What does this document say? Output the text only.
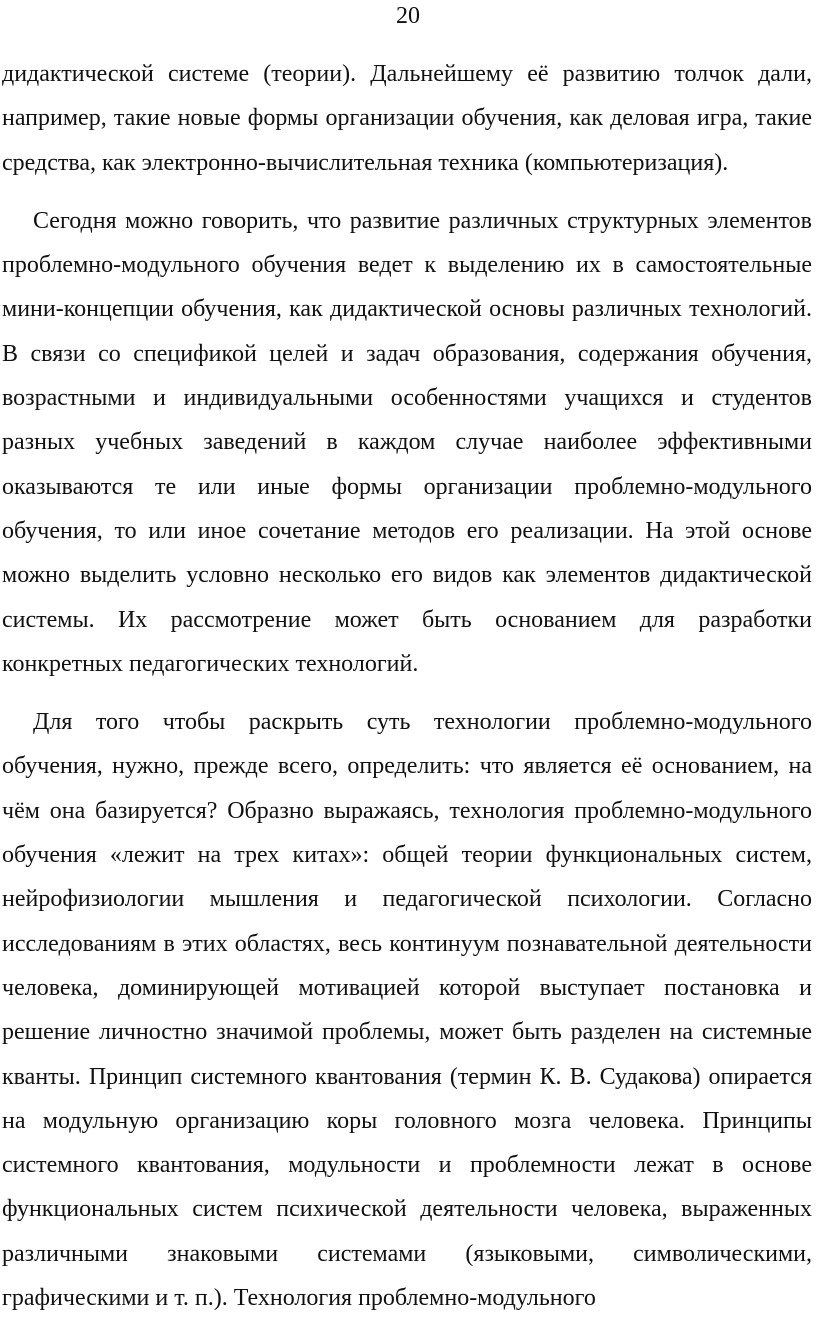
20

дидактической системе (теории). Дальнейшему её развитию толчок дали, например, такие новые формы организации обучения, как деловая игра, такие средства, как электронно-вычислительная техника (компьютеризация).

Сегодня можно говорить, что развитие различных структурных элементов проблемно-модульного обучения ведет к выделению их в самостоятельные мини-концепции обучения, как дидактической основы различных технологий. В связи со спецификой целей и задач образования, содержания обучения, возрастными и индивидуальными особенностями учащихся и студентов разных учебных заведений в каждом случае наиболее эффективными оказываются те или иные формы организации проблемно-модульного обучения, то или иное сочетание методов его реализации. На этой основе можно выделить условно несколько его видов как элементов дидактической системы. Их рассмотрение может быть основанием для разработки конкретных педагогических технологий.

Для того чтобы раскрыть суть технологии проблемно-модульного обучения, нужно, прежде всего, определить: что является её основанием, на чём она базируется? Образно выражаясь, технология проблемно-модульного обучения «лежит на трех китах»: общей теории функциональных систем, нейрофизиологии мышления и педагогической психологии. Согласно исследованиям в этих областях, весь континуум познавательной деятельности человека, доминирующей мотивацией которой выступает постановка и решение личностно значимой проблемы, может быть разделен на системные кванты. Принцип системного квантования (термин К. В. Судакова) опирается на модульную организацию коры головного мозга человека. Принципы системного квантования, модульности и проблемности лежат в основе функциональных систем психической деятельности человека, выраженных различными знаковыми системами (языковыми, символическими, графическими и т. п.). Технология проблемно-модульного
